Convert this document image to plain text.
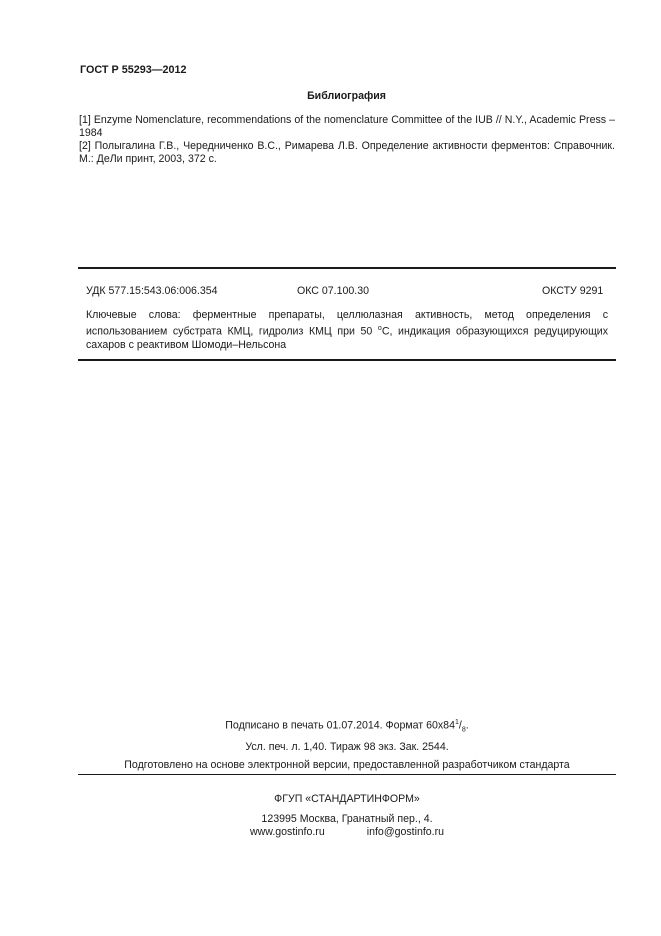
ГОСТ Р 55293—2012
Библиография
[1] Enzyme Nomenclature, recommendations of the nomenclature Committee of the IUB // N.Y., Academic Press – 1984
[2] Полыгалина Г.В., Чередниченко В.С., Римарева Л.В. Определение активности ферментов: Справочник. М.: ДеЛи принт, 2003, 372 с.
УДК 577.15:543.06:006.354	ОКС 07.100.30	ОКСТУ 9291
Ключевые слова: ферментные препараты, целлюлазная активность, метод определения с использованием субстрата КМЦ, гидролиз КМЦ при 50 $^о$С, индикация образующихся редуцирующих сахаров с реактивом Шомоди–Нельсона
Подписано в печать 01.07.2014. Формат $60х84^1/_8$.
Усл. печ. л. 1,40. Тираж 98 экз. Зак. 2544.
Подготовлено на основе электронной версии, предоставленной разработчиком стандарта
ФГУП «СТАНДАРТИНФОРМ»
123995 Москва, Гранатный пер., 4.
www.gostinfo.ru	info@gostinfo.ru
